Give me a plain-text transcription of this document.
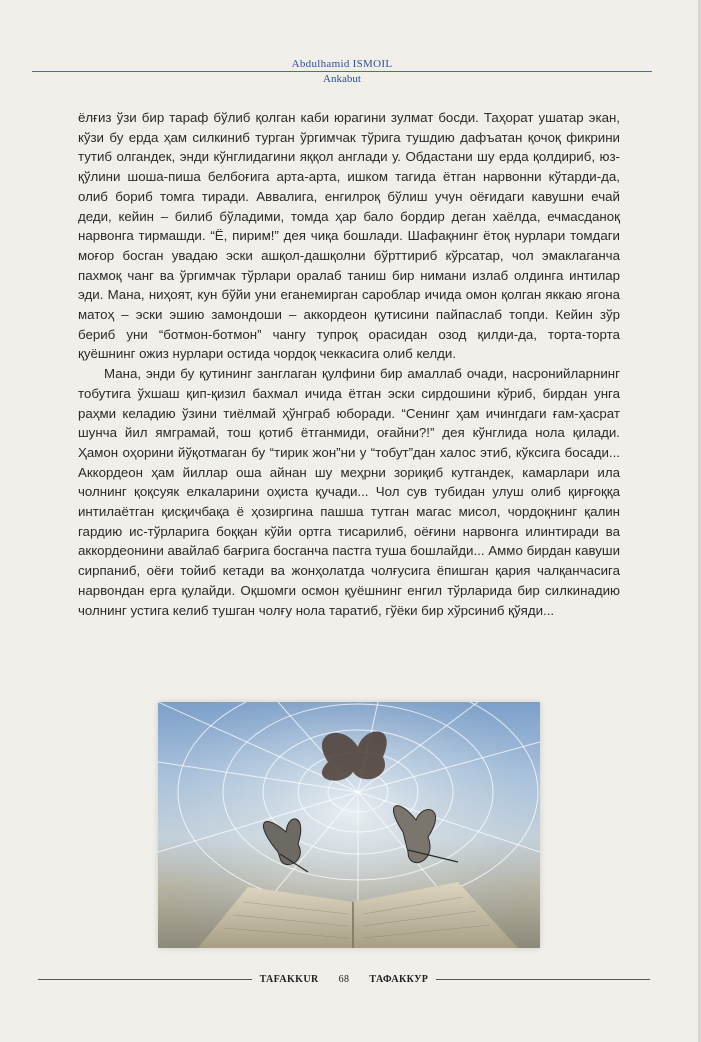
Abdulhamid ISMOIL
Ankabut

ёлғиз ўзи бир тараф бўлиб қолган каби юрагини зулмат босди. Таҳорат ушатар экан, кўзи бу ерда ҳам силкиниб турган ўргимчак тўрига тушдию дафъатан қочоқ фикрини тутиб олгандек, энди кўнглидагини яққол англади у. Обдастани шу ерда қолдириб, юз-қўлини шоша-пиша белбоғига арта-арта, ишком тагида ётган нарвонни кўтарди-да, олиб бориб томга тиради. Аввалига, енгилроқ бўлиш учун оёғидаги кавушни ечай деди, кейин – билиб бўладими, томда ҳар бало бордир деган хаёлда, ечмасданоқ нарвонга тирмашди. “Ё, пирим!” дея чиқа бошлади. Шафақнинг ётоқ нурлари томдаги моғор босган увадаю эски ашқол-дашқолни бўрттириб кўрсатар, чол эмаклаганча пахмоқ чанг ва ўргимчак тўрлари оралаб таниш бир нимани излаб олдинга интилар эди. Мана, ниҳоят, кун бўйи уни еганемирган сароблар ичида омон қолган яккаю ягона матоҳ – эски эшию замондоши – аккордеон қутисини пайпаслаб топди. Кейин зўр бериб уни “ботмон-ботмон” чангу тупроқ орасидан озод қилди-да, торта-торта қуёшнинг ожиз нурлари остида чордоқ чеккасига олиб келди.

Мана, энди бу қутининг занглаган қулфини бир амаллаб очади, насронийларнинг тобутига ўхшаш қип-қизил бахмал ичида ётган эски сирдошини кўриб, бирдан унга раҳми келадию ўзини тиёлмай ҳўнграб юборади. “Сенинг ҳам ичингдаги ғам-ҳасрат шунча йил ямграмай, тош қотиб ётганмиди, оғайни?!” дея кўнглида нола қилади. Ҳамон оҳорини йўқотмаган бу “тирик жон”ни у “тобут”дан халос этиб, кўксига босади... Аккордеон ҳам йиллар оша айнан шу меҳрни зориқиб кутгандек, камарлари ила чолнинг қоқсуяк елкаларини оҳиста қучади... Чол сув тубидан улуш олиб қирғоққа интилаётган қисқичбақа ё ҳозиргина пашша тутган магас мисол, чордоқнинг қалин гардию ис-тўрларига боққан кўйи ортга тисарилиб, оёғини нарвонга илинтиради ва аккордеонини авайлаб бағрига босганча пастга туша бошлайди... Аммо бирдан кавуши сирпаниб, оёғи тойиб кетади ва жонҳолатда чолғусига ёпишган қария чалқанчасига нарвондан ерга қулайди. Оқшомги осмон қуёшнинг енгил тўрларида бир силкинадию чолнинг устига келиб тушган чолғу нола таратиб, гўёки бир хўрсиниб қўяди...

TAFAKKUR	68	ТАФАККУР
